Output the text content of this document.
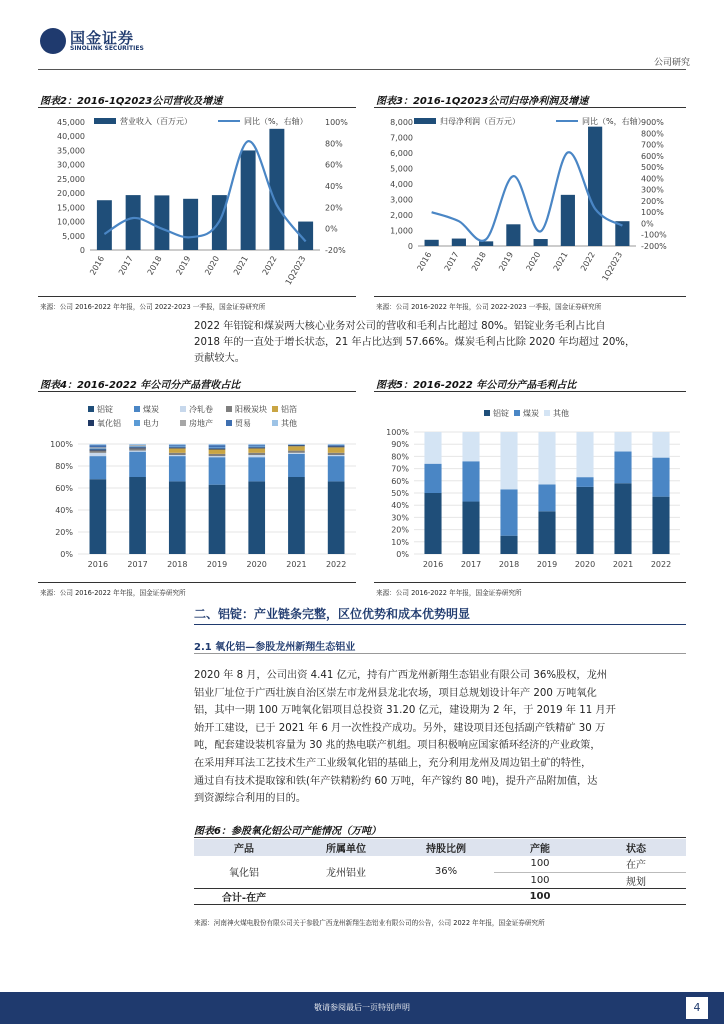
国金证券
SINOLINK SECURITIES
公司研究
图表2：2016-1Q2023公司营收及增速
45,000
40,000
35,000
30,000
25,000
20,000
15,000
10,000
5,000
0
100%
80%
60%
40%
20%
0%
-20%
2016 2017 2018 2019 2020 2021 2022 1Q2023
营业收入（百万元）	同比（%，右轴）
来源：公司 2016-2022 年年报，公司 2022-2023 一季报，国金证券研究所
图表3：2016-1Q2023公司归母净利润及增速
8,000
7,000
6,000
5,000
4,000
3,000
2,000
1,000
0
900%
800%
700%
600%
500%
400%
300%
200%
100%
0%
-100%
-200%
2016 2017 2018 2019 2020 2021 2022 1Q2023
归母净利润（百万元）	同比（%，右轴）
来源：公司 2016-2022 年年报，公司 2022-2023 一季报，国金证券研究所
2022 年铝锭和煤炭两大核心业务对公司的营收和毛利占比超过 80%。铝锭业务毛利占比自
2018 年的一直处于增长状态，21 年占比达到 57.66%。煤炭毛利占比除 2020 年均超过 20%，
贡献较大。
图表4：2016-2022 年公司分产品营收占比
100%
80%
60%
40%
20%
0%
2016 2017 2018 2019 2020 2021 2022
铝锭	煤炭	冷轧卷	阳极炭块 铝箔
氧化铝	电力	房地产	贸易	其他
来源：公司 2016-2022 年年报，国金证券研究所
图表5：2016-2022 年公司分产品毛利占比
100%
90%
80%
70%
60%
50%
40%
30%
20%
10%
0%
2016 2017 2018 2019 2020 2021 2022
铝锭 煤炭 其他
来源：公司 2016-2022 年年报，国金证券研究所
二、铝锭：产业链条完整，区位优势和成本优势明显
2.1 氧化铝—参股龙州新翔生态铝业
2020 年 8 月，公司出资 4.41 亿元，持有广西龙州新翔生态铝业有限公司 36%股权，龙州
铝业厂址位于广西壮族自治区崇左市龙州县龙北农场，项目总规划设计年产 200 万吨氧化
铝，其中一期 100 万吨氧化铝项目总投资 31.20 亿元，建设期为 2 年，于 2019 年 11 月开
始开工建设，已于 2021 年 6 月一次性投产成功。另外，建设项目还包括副产铁精矿 30 万
吨，配套建设装机容量为 30 兆的热电联产机组。项目积极响应国家循环经济的产业政策，
在采用拜耳法工艺技术生产工业级氧化铝的基础上，充分利用龙州及周边铝土矿的特性，
通过自有技术提取镓和铁(年产铁精粉约 60 万吨，年产镓约 80 吨)，提升产品附加值，达
到资源综合利用的目的。
图表6：参股氧化铝公司产能情况（万吨）
产品	所属单位	持股比例	产能	状态
氧化铝	龙州铝业	36%	100	在产
			100	规划
合计-在产			100	
来源：河南神火煤电股份有限公司关于参股广西龙州新翔生态铝业有限公司的公告，公司 2022 年年报，国金证券研究所
敬请参阅最后一页特别声明	4
